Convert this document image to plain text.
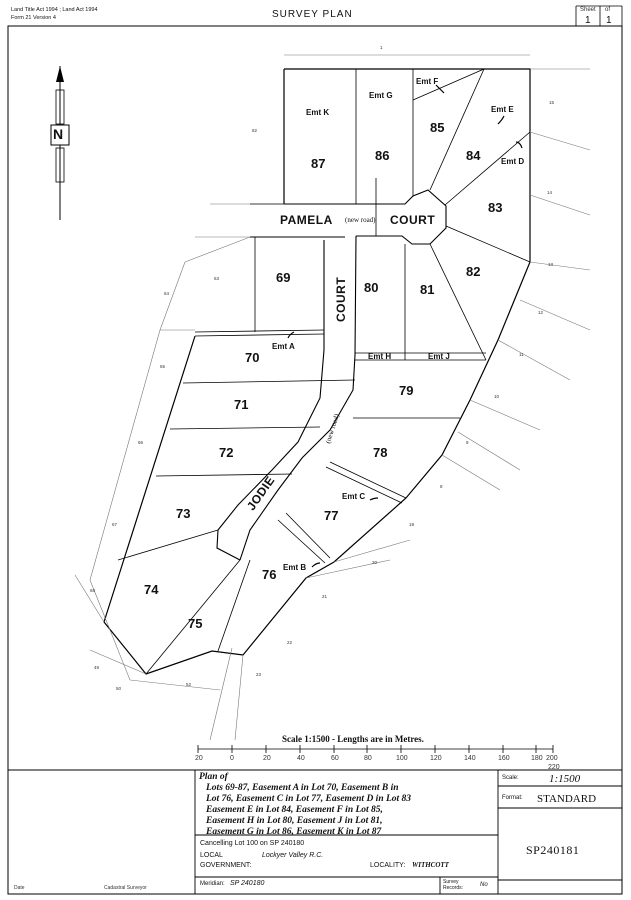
Land Title Act 1994 ; Land Act 1994
Form 21 Version 4	SURVEY PLAN	Sheet
1
of
1
N
PAMELA (new road) COURT
JODIE
(new road)
COURT
87
86
85
84
83
82
81
80
79
78
77
76
75
74
73
72
71
70
69
Emt K
Emt G
Emt F
Emt E
Emt D
Emt A
Emt H	Emt J
Emt C
Emt B
1
82
15
14
13
12
11
10
9
8
63
64
65
66
67
68
49
50
52
23
22
21
20
19
Scale 1:1500 - Lengths are in Metres.
20	0	20	40	60	80	100	120	140	160	180 200
220
Date	Cadastral Surveyor
Plan of
Lots 69-87, Easement A in Lot 70, Easement B in
Lot 76, Easement C in Lot 77, Easement D in Lot 83
Easement E in Lot 84, Easement F in Lot 85,
Easement H in Lot 80, Easement J in Lot 81,
Easement G in Lot 86, Easement K in Lot 87
Cancelling Lot 100 on SP 240180
LOCAL
GOVERNMENT:
Lockyer Valley R.C.
LOCALITY: WITHCOTT
Meridian: SP 240180	Survey Records:	No
Scale:	1:1500
Format: STANDARD
SP240181
